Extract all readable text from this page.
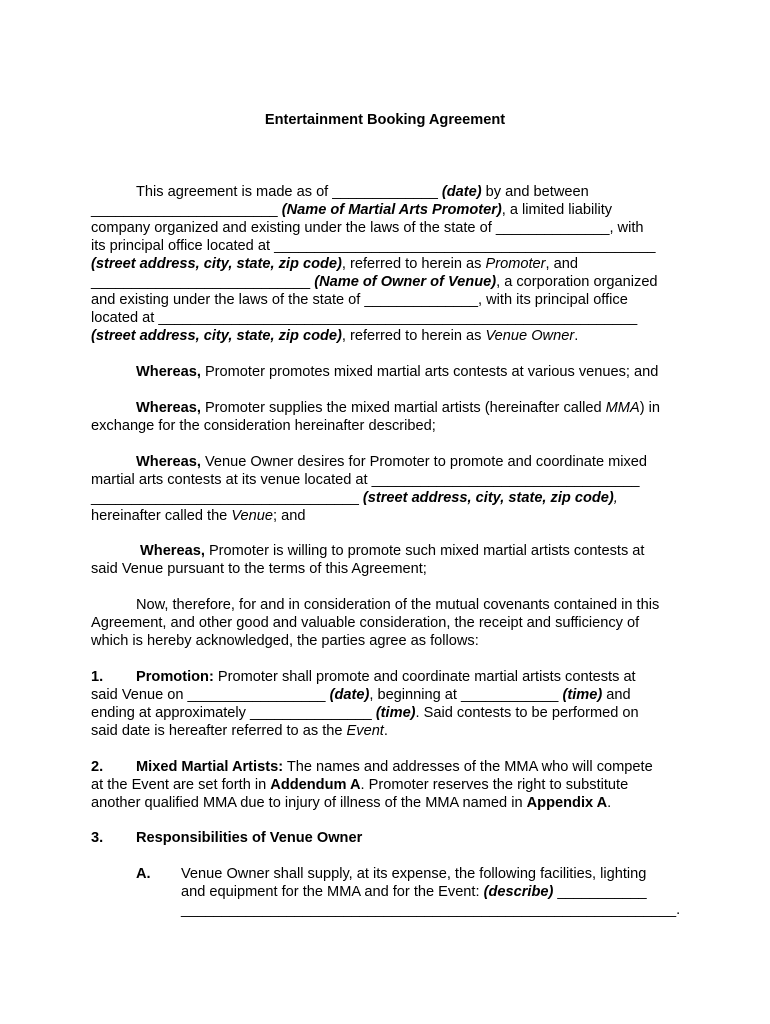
Entertainment Booking Agreement
This agreement is made as of _____________ (date) by and between
_______________________ (Name of Martial Arts Promoter), a limited liability
company organized and existing under the laws of the state of ______________, with
its principal office located at _______________________________________________
(street address, city, state, zip code), referred to herein as Promoter, and
___________________________ (Name of Owner of Venue), a corporation organized
and existing under the laws of the state of ______________, with its principal office
located at ___________________________________________________________
(street address, city, state, zip code), referred to herein as Venue Owner.
Whereas, Promoter promotes mixed martial arts contests at various venues; and
Whereas, Promoter supplies the mixed martial artists (hereinafter called MMA) in
exchange for the consideration hereinafter described;
Whereas, Venue Owner desires for Promoter to promote and coordinate mixed
martial arts contests at its venue located at _________________________________
_________________________________ (street address, city, state, zip code),
hereinafter called the Venue; and
Whereas, Promoter is willing to promote such mixed martial artists contests at
said Venue pursuant to the terms of this Agreement;
Now, therefore, for and in consideration of the mutual covenants contained in this
Agreement, and other good and valuable consideration, the receipt and sufficiency of
which is hereby acknowledged, the parties agree as follows:
1. Promotion: Promoter shall promote and coordinate martial artists contests at
said Venue on _________________ (date), beginning at ____________ (time) and
ending at approximately _______________ (time). Said contests to be performed on
said date is hereafter referred to as the Event.
2. Mixed Martial Artists: The names and addresses of the MMA who will compete
at the Event are set forth in Addendum A. Promoter reserves the right to substitute
another qualified MMA due to injury of illness of the MMA named in Appendix A.
3. Responsibilities of Venue Owner
A. Venue Owner shall supply, at its expense, the following facilities, lighting
and equipment for the MMA and for the Event: (describe) ___________
_____________________________________________________________.
